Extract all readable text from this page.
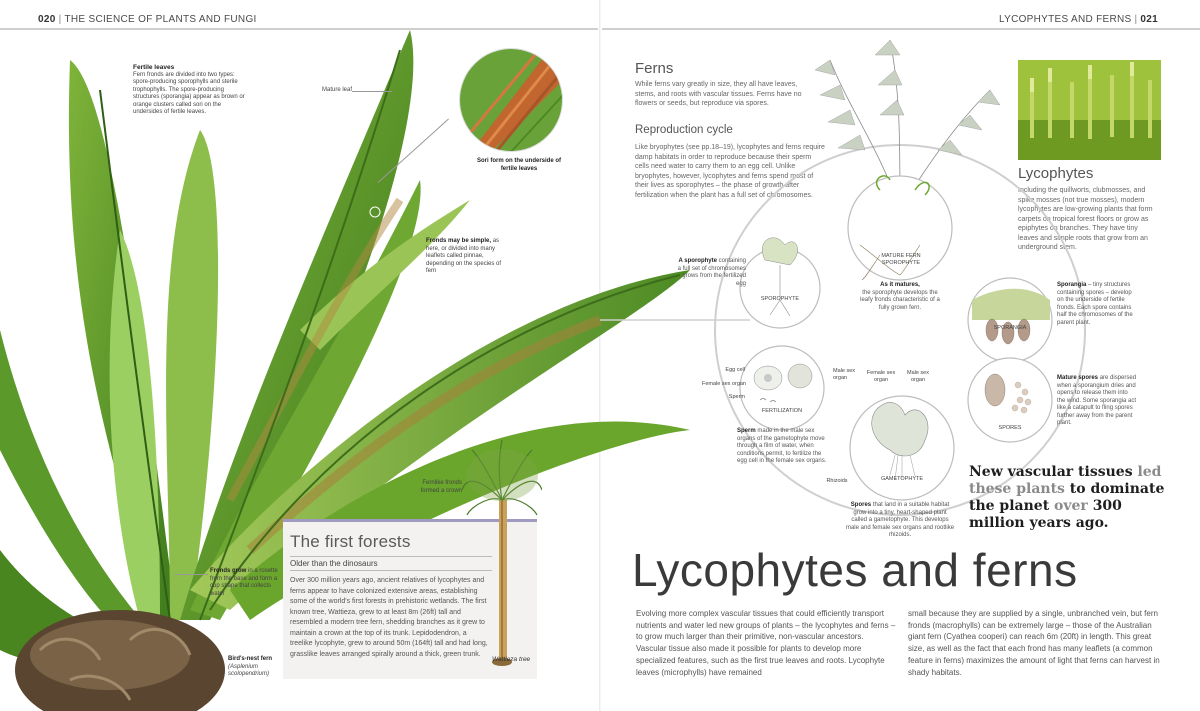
020 | THE SCIENCE OF PLANTS AND FUNGI	LYCOPHYTES AND FERNS | 021
Fertile leaves
Fern fronds are divided into two types: spore-producing sporophylls and sterile trophophylls. The spore-producing structures (sporangia) appear as brown or orange clusters called sori on the undersides of fertile leaves.
Mature leaf
Sori form on the underside of fertile leaves
Fronds may be simple, as here, or divided into many leaflets called pinnae, depending on the species of fern
Fronds grow in a rosette from the base and form a cup shape that collects water
Bird's-nest fern
(Asplenium scolopendrium)
The first forests
Older than the dinosaurs
Over 300 million years ago, ancient relatives of lycophytes and ferns appear to have colonized extensive areas, establishing some of the world's first forests in prehistoric wetlands. The first known tree, Wattieza, grew to at least 8m (26ft) tall and resembled a modern tree fern, shedding branches as it grew to maintain a crown at the top of its trunk. Lepidodendron, a treelike lycophyte, grew to around 50m (164ft) tall and had long, grasslike leaves arranged spirally around a thick, green trunk.
Fernlike fronds formed a crown
Wattieza tree
Ferns
While ferns vary greatly in size, they all have leaves, stems, and roots with vascular tissues. Ferns have no flowers or seeds, but reproduce via spores.
Reproduction cycle
Like bryophytes (see pp.18–19), lycophytes and ferns require damp habitats in order to reproduce because their sperm cells need water to carry them to an egg cell. Unlike bryophytes, however, lycophytes and ferns spend most of their lives as sporophytes – the phase of growth after fertilization when the plant has a full set of chromosomes.
Lycophytes
Including the quillworts, clubmosses, and spike mosses (not true mosses), modern lycophytes are low-growing plants that form carpets on tropical forest floors or grow as epiphytes on branches. They have tiny leaves and simple roots that grow from an underground stem.
MATURE FERN SPOROPHYTE
SPOROPHYTE
SPORANGIA
SPORES
GAMETOPHYTE
FERTILIZATION
Egg cell
Female sex organ
Sperm
Male sex organ
Female sex organ
Male sex organ
Rhizoids
A sporophyte containing a full set of chromosomes grows from the fertilized egg	As it matures,
the sporophyte develops the leafy fronds characteristic of a fully grown fern.
Sporangia – tiny structures containing spores – develop on the underside of fertile fronds. Each spore contains half the chromosomes of the parent plant.
Mature spores are dispersed when a sporangium dries and opens to release them into the wind. Some sporangia act like a catapult to fling spores further away from the parent plant.
Sperm made in the male sex organs of the gametophyte move through a film of water, when conditions permit, to fertilize the egg cell in the female sex organs.
Spores that land in a suitable habitat grow into a tiny, heart-shaped plant called a gametophyte. This develops male and female sex organs and rootlike rhizoids.
New vascular tissues led these plants to dominate the planet over 300 million years ago.
Lycophytes and ferns
Evolving more complex vascular tissues that could efficiently transport nutrients and water led new groups of plants – the lycophytes and ferns – to grow much larger than their primitive, non-vascular ancestors. Vascular tissue also made it possible for plants to develop more specialized features, such as the first true leaves and roots. Lycophyte leaves (microphylls) have remained
small because they are supplied by a single, unbranched vein, but fern fronds (macrophylls) can be extremely large – those of the Australian giant fern (Cyathea cooperi) can reach 6m (20ft) in length. This great size, as well as the fact that each frond has many leaflets (a common feature in ferns) maximizes the amount of light that ferns can harvest in shady habitats.
